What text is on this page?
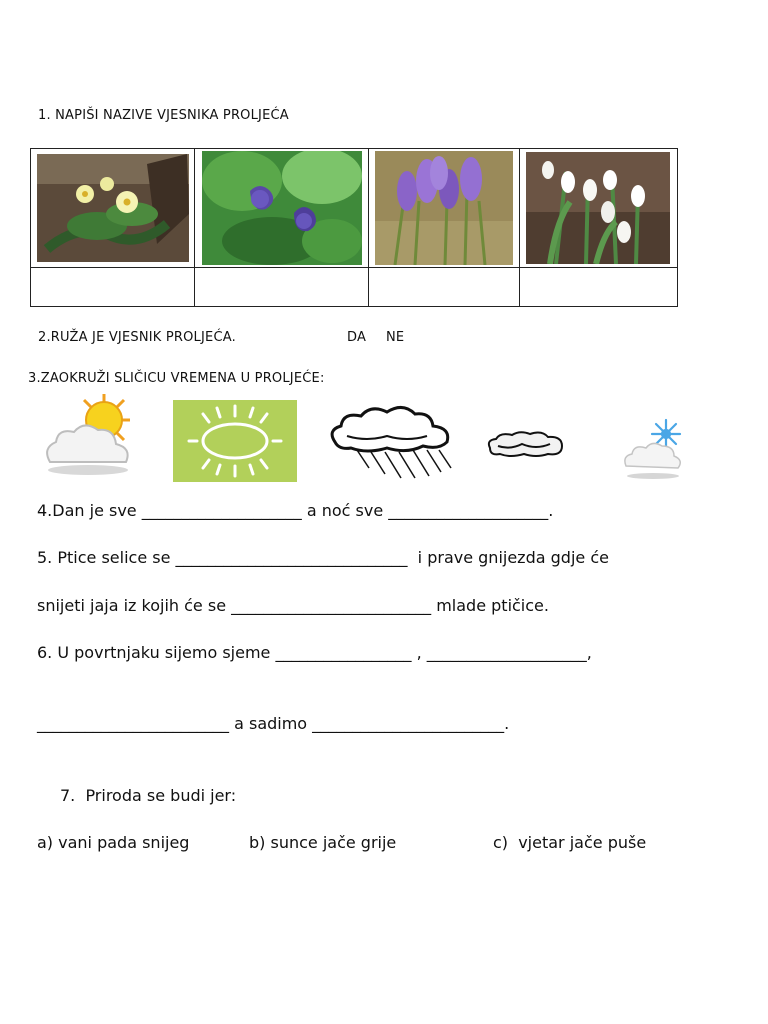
1. NAPIŠI NAZIVE VJESNIKA PROLJEĆA

2.RUŽA JE VJESNIK PROLJEĆA.	DA NE
3.ZAOKRUŽI SLIČICU VREMENA U PROLJEĆE:
4.Dan je sve ____________________ a noć sve ____________________.
5. Ptice selice se _____________________________  i prave gnijezda gdje će
snijeti jaja iz kojih će se _________________________ mlade ptičice.
6. U povrtnjaku sijemo sjeme _________________ , ____________________,
________________________ a sadimo ________________________.
7.  Priroda se budi jer:
a) vani pada snijeg	b) sunce jače grije	c)  vjetar jače puše
